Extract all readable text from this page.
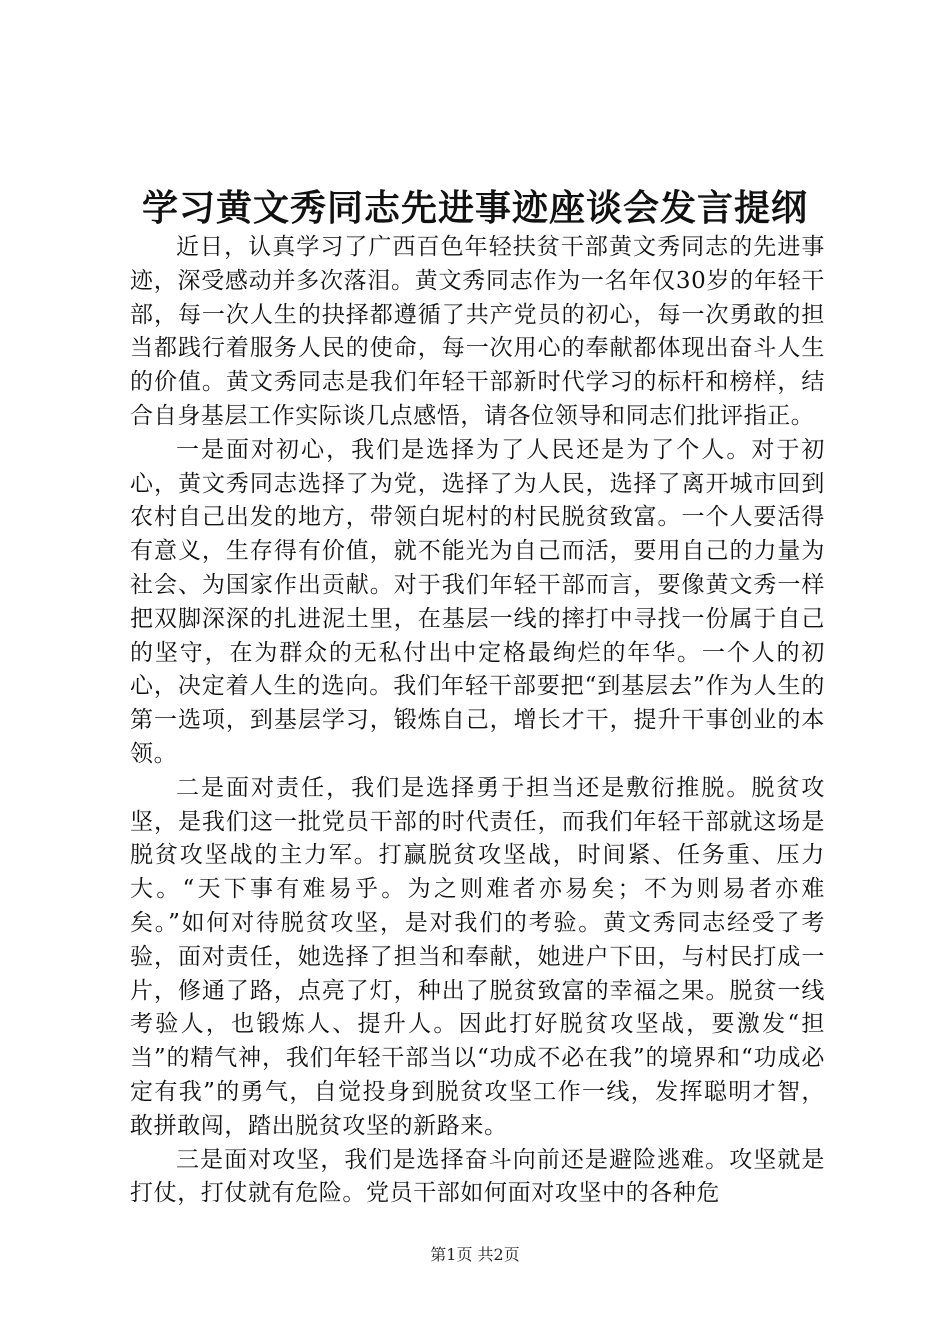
学习黄文秀同志先进事迹座谈会发言提纲

近日，认真学习了广西百色年轻扶贫干部黄文秀同志的先进事迹，深受感动并多次落泪。黄文秀同志作为一名年仅30岁的年轻干部，每一次人生的抉择都遵循了共产党员的初心，每一次勇敢的担当都践行着服务人民的使命，每一次用心的奉献都体现出奋斗人生的价值。黄文秀同志是我们年轻干部新时代学习的标杆和榜样，结合自身基层工作实际谈几点感悟，请各位领导和同志们批评指正。

一是面对初心，我们是选择为了人民还是为了个人。对于初心，黄文秀同志选择了为党，选择了为人民，选择了离开城市回到农村自己出发的地方，带领白坭村的村民脱贫致富。一个人要活得有意义，生存得有价值，就不能光为自己而活，要用自己的力量为社会、为国家作出贡献。对于我们年轻干部而言，要像黄文秀一样把双脚深深的扎进泥土里，在基层一线的摔打中寻找一份属于自己的坚守，在为群众的无私付出中定格最绚烂的年华。一个人的初心，决定着人生的选向。我们年轻干部要把“到基层去”作为人生的第一选项，到基层学习，锻炼自己，增长才干，提升干事创业的本领。

二是面对责任，我们是选择勇于担当还是敷衍推脱。脱贫攻坚，是我们这一批党员干部的时代责任，而我们年轻干部就这场是脱贫攻坚战的主力军。打赢脱贫攻坚战，时间紧、任务重、压力大。“天下事有难易乎。为之则难者亦易矣；不为则易者亦难矣。”如何对待脱贫攻坚，是对我们的考验。黄文秀同志经受了考验，面对责任，她选择了担当和奉献，她进户下田，与村民打成一片，修通了路，点亮了灯，种出了脱贫致富的幸福之果。脱贫一线考验人，也锻炼人、提升人。因此打好脱贫攻坚战，要激发“担当”的精气神，我们年轻干部当以“功成不必在我”的境界和“功成必定有我”的勇气，自觉投身到脱贫攻坚工作一线，发挥聪明才智，敢拼敢闯，踏出脱贫攻坚的新路来。

三是面对攻坚，我们是选择奋斗向前还是避险逃难。攻坚就是打仗，打仗就有危险。党员干部如何面对攻坚中的各种危

第1页 共2页
